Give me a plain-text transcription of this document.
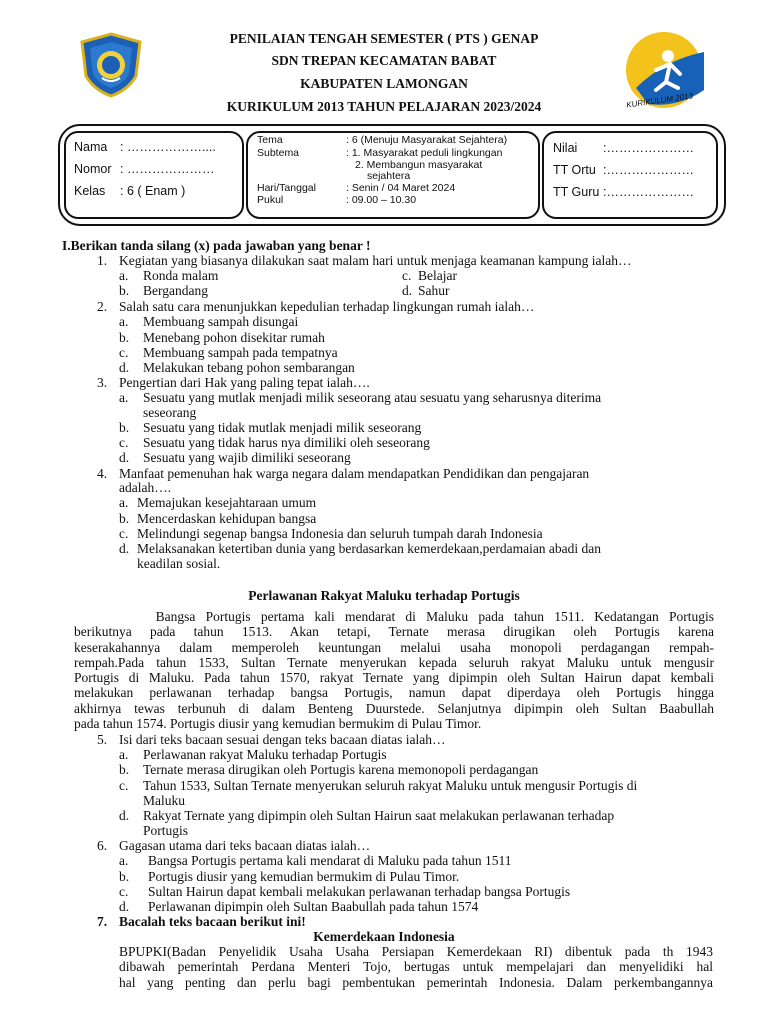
PENILAIAN TENGAH SEMESTER ( PTS ) GENAP
SDN TREPAN KECAMATAN BABAT
KABUPATEN LAMONGAN
KURIKULUM 2013 TAHUN PELAJARAN 2023/2024	KURIKULUM 2013
Nama : ………………....
Nomor : …………………
Kelas : 6 ( Enam )
Tema	: 6 (Menuju Masyarakat Sejahtera)
Subtema	: 1. Masyarakat peduli lingkungan
2. Membangun masyarakat
sejahtera
Hari/Tanggal	: Senin / 04 Maret 2024
Pukul	: 09.00 – 10.30
Nilai :…………………
TT Ortu :…………………
TT Guru :…………………
I.Berikan tanda silang (x) pada jawaban yang benar !
1. Kegiatan yang biasanya dilakukan saat malam hari untuk menjaga keamanan kampung ialah…
a. Ronda malam	c. Belajar
b. Bergandang	d. Sahur
2. Salah satu cara menunjukkan kepedulian terhadap lingkungan rumah ialah…
a. Membuang sampah disungai
b. Menebang pohon disekitar rumah
c. Membuang sampah pada tempatnya
d. Melakukan tebang pohon sembarangan
3. Pengertian dari Hak yang paling tepat ialah….
a. Sesuatu yang mutlak menjadi milik seseorang atau sesuatu yang seharusnya diterima
seseorang
b. Sesuatu yang tidak mutlak menjadi milik seseorang
c. Sesuatu yang tidak harus nya dimiliki oleh seseorang
d. Sesuatu yang wajib dimiliki seseorang
4. Manfaat pemenuhan hak warga negara dalam mendapatkan Pendidikan dan pengajaran
adalah….
a. Memajukan kesejahtaraan umum
b. Mencerdaskan kehidupan bangsa
c. Melindungi segenap bangsa Indonesia dan seluruh tumpah darah Indonesia
d. Melaksanakan ketertiban dunia yang berdasarkan kemerdekaan,perdamaian abadi dan
keadilan sosial.
Perlawanan Rakyat Maluku terhadap Portugis
Bangsa Portugis pertama kali mendarat di Maluku pada tahun 1511. Kedatangan Portugis
berikutnya pada tahun 1513. Akan tetapi, Ternate merasa dirugikan oleh Portugis karena
keserakahannya dalam memperoleh keuntungan melalui usaha monopoli perdagangan rempah-
rempah.Pada tahun 1533, Sultan Ternate menyerukan kepada seluruh rakyat Maluku untuk mengusir
Portugis di Maluku. Pada tahun 1570, rakyat Ternate yang dipimpin oleh Sultan Hairun dapat kembali
melakukan perlawanan terhadap bangsa Portugis, namun dapat diperdaya oleh Portugis hingga
akhirnya tewas terbunuh di dalam Benteng Duurstede. Selanjutnya dipimpin oleh Sultan Baabullah
pada tahun 1574. Portugis diusir yang kemudian bermukim di Pulau Timor.
5. Isi dari teks bacaan sesuai dengan teks bacaan diatas ialah…
a. Perlawanan rakyat Maluku terhadap Portugis
b. Ternate merasa dirugikan oleh Portugis karena memonopoli perdagangan
c. Tahun 1533, Sultan Ternate menyerukan seluruh rakyat Maluku untuk mengusir Portugis di
Maluku
d. Rakyat Ternate yang dipimpin oleh Sultan Hairun saat melakukan perlawanan terhadap
Portugis
6. Gagasan utama dari teks bacaan diatas ialah…
a. Bangsa Portugis pertama kali mendarat di Maluku pada tahun 1511
b. Portugis diusir yang kemudian bermukim di Pulau Timor.
c. Sultan Hairun dapat kembali melakukan perlawanan terhadap bangsa Portugis
d. Perlawanan dipimpin oleh Sultan Baabullah pada tahun 1574
7. Bacalah teks bacaan berikut ini!
Kemerdekaan Indonesia
BPUPKI(Badan Penyelidik Usaha Usaha Persiapan Kemerdekaan RI) dibentuk pada th 1943
dibawah pemerintah Perdana Menteri Tojo, bertugas untuk mempelajari dan menyelidiki hal
hal yang penting dan perlu bagi pembentukan pemerintah Indonesia. Dalam perkembangannya
